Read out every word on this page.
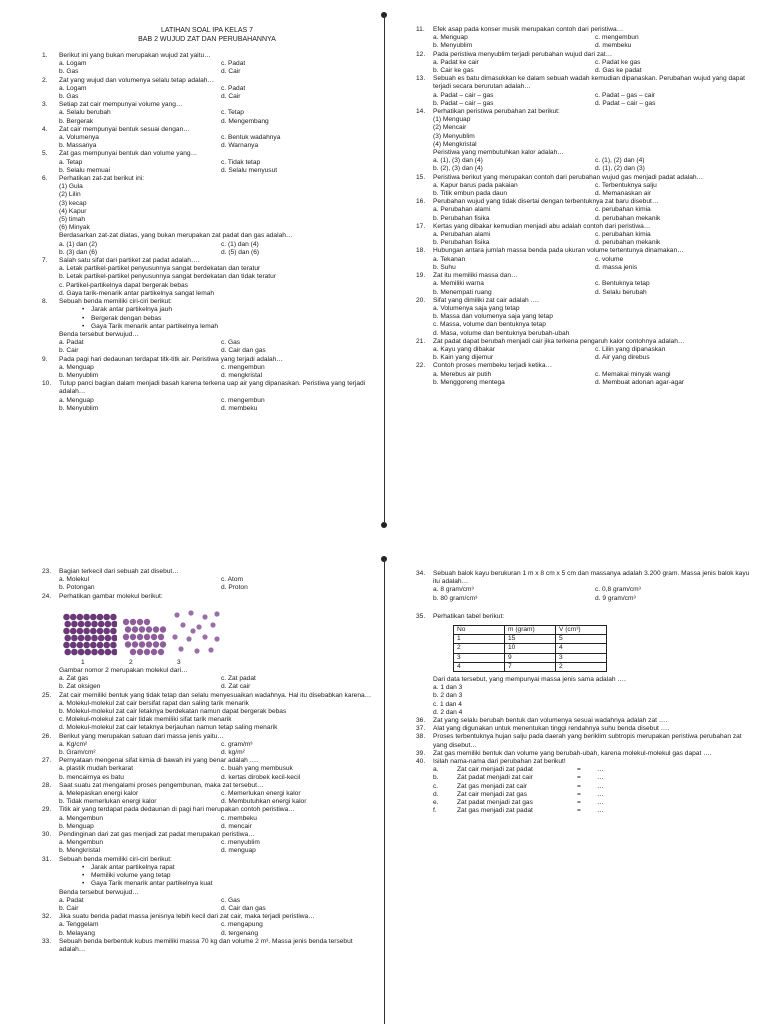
LATIHAN SOAL IPA KELAS 7
BAB 2 WUJUD ZAT DAN PERUBAHANNYA
1. Berikut ini yang bukan merupakan wujud zat yaitu…
a. Logam	c. Padat
b. Gas	d. Cair
2. Zat yang wujud dan volumenya selalu tetap adalah…
a. Logam	c. Padat
b. Gas	d. Cair
3. Setiap zat cair mempunyai volume yang…
a. Selalu berubah	c. Tetap
b. Bergerak	d. Mengembang
4. Zat cair mempunyai bentuk sesuai dengan…
a. Volumenya	c. Bentuk wadahnya
b. Massanya	d. Warnanya
5. Zat gas mempunyai bentuk dan volume yang…
a. Tetap	c. Tidak tetap
b. Selalu memuai	d. Selalu menyusut
6. Perhatikan zat-zat berikut ini:
(1) Gula
(2) Lilin
(3) kecap
(4) Kapur
(5) timah
(6) Minyak
Berdasarkan zat-zat diatas, yang bukan merupakan zat padat dan gas adalah…
a. (1) dan (2)	c. (1) dan (4)
b. (3) dan (6)	d. (5) dan (6)
7. Salah satu sifat dari partiket zat padat adalah….
a. Letak partikel-partikel penyusunnya sangat berdekatan dan teratur
b. Letak partikel-partikel penyusunnya sangat berdekatan dan tidak teratur
c. Partikel-partikelnya dapat bergerak bebas
d. Gaya tarik-menarik antar partikelnya sangat lemah
8. Sebuah benda memiliki ciri-ciri berikut:
• Jarak antar partikelnya jauh
• Bergerak dengan bebas
• Gaya Tarik menarik antar partikelnya lemah
Benda tersebut berwujud…
a. Padat	c. Gas
b. Cair	d. Cair dan gas
9. Pada pagi hari dedaunan terdapat titk-titk air. Peristiwa yang terjadi adalah…
a. Menguap	c. mengembun
b. Menyublim	d. mengkristal
10. Tutup panci bagian dalam menjadi basah karena terkena uap air yang dipanaskan. Peristiwa yang terjadi adalah…
a. Menguap	c. mengembun
b. Menyublim	d. membeku
11. Efek asap pada konser musik merupakan contoh dari peristiwa…
a. Menguap	c. mengembun
b. Menyublim	d. membeku
12. Pada peristiwa menyublim terjadi perubahan wujud dari zat…
a. Padat ke cair	c. Padat ke gas
b. Cair ke gas	d. Gas ke padat
13. Sebuah es batu dimasukkan ke dalam sebuah wadah kemudian dipanaskan. Perubahan wujud yang dapat terjadi secara berurutan adalah…
a. Padat – cair – gas	c. Padat – gas – cair
b. Padat – cair – gas	d. Padat – cair – gas
14. Perhatikan peristiwa perubahan zat berikut:
(1) Menguap
(2) Mencair
(3) Menyublim
(4) Mengkristal
Peristiwa yang membutuhkan kalor adalah…
a. (1), (3) dan (4)	c. (1), (2) dan (4)
b. (2), (3) dan (4)	d. (1), (2) dan (3)
15. Peristiwa berikut yang merupakan contoh dari perubahan wujud gas menjadi padat adalah…
a. Kapur barus pada pakaian	c. Terbentuknya salju
b. Titik embun pada daun	d. Memanaskan air
16. Perubahan wujud yang tidak disertai dengan terbentuknya zat baru disebut…
a. Perubahan alami	c. perubahan kimia
b. Perubahan fisika	d. perubahan mekanik
17. Kertas yang dibakar kemudian menjadi abu adalah contoh dari peristiwa…
a. Perubahan alami	c. perubahan kimia
b. Perubahan fisika	d. perubahan mekanik
18. Hubungan antara jumlah massa benda pada ukuran volume tertentunya dinamakan…
a. Tekanan	c. volume
b. Suhu	d. massa jenis
19. Zat itu memiliki massa dan…
a. Memiliki warna	c. Bentuknya tetap
b. Menempati ruang	d. Selalu berubah
20. Sifat yang dimiliki zat cair adalah ….
a. Volumenya saja yang tetap
b. Massa dan volumenya saja yang tetap
c. Massa, volume dan bentuknya tetap
d. Masa, volume dan bentuknya berubah-ubah
21. Zat padat dapat berubah menjadi cair jika terkena pengaruh kalor contohnya adalah…
a. Kayu yang dibakar	c. Lilin yang dipanaskan
b. Kain yang dijemur	d. Air yang direbus
22. Contoh proses membeku terjadi ketika…
a. Merebus air putih	c. Memakai minyak wangi
b. Menggoreng mentega	d. Membuat adonan agar-agar
23. Bagian terkecil dari sebuah zat disebut…
a. Molekul	c. Atom
b. Potongan	d. Proton
24. Perhatikan gambar molekul berikut:
1	2	3
Gambar nomor 2 merupakan molekul dari…
a. Zat gas	c. Zat padat
b. Zat oksigen	d. Zat cair
25. Zat cair memiliki bentuk yang tidak tetap dan selalu menyesuaikan wadahnya. Hal itu disebabkan karena…
a. Molekul-molekul zat cair bersifat rapat dan saling tarik menarik
b. Molekul-molekul zat cair letaknya berdekatan namun dapat bergerak bebas
c. Molekul-molekul zat cair tidak memiliki sifat tarik menarik
d. Molekul-molekul zat cair letaknya berjauhan namun tetap saling menarik
26. Berikut yang merupakan satuan dari massa jenis yaitu…
a. Kg/cm²	c. gram/m³
b. Gram/cm²	d. kg/m²
27. Pernyataan mengenai sifat kimia di bawah ini yang benar adalah ….
a. plastik mudah berkarat	c. buah yang membusuk
b. mencairnya es batu	d. kertas dirobek kecil-kecil
28. Saat suatu zat mengalami proses pengembunan, maka zat tersebut…
a. Melepaskan energi kalor	c. Memerlukan energi kalor
b. Tidak memerlukan energi kalor	d. Membutuhkan energi kalor
29. Titik air yang terdapat pada dedaunan di pagi hari merupakan contoh peristiwa…
a. Mengembun	c. membeku
b. Menguap	d. mencair
30. Pendinginan dari zat gas menjadi zat padat merupakan peristiwa…
a. Mengembun	c. menyublim
b. Mengkristal	d. menguap
31. Sebuah benda memiliki ciri-ciri berikut:
• Jarak antar partikelnya rapat
• Memiliki volume yang tetap
• Gaya Tarik menarik antar partikelnya kuat
Benda tersebut berwujud…
a. Padat	c. Gas
b. Cair	d. Cair dan gas
32. Jika suatu benda padat massa jenisnya lebih kecil dari zat cair, maka terjadi peristiwa…
a. Tenggelam	c. mengapung
b. Melayang	d. tergenang
33. Sebuah benda berbentuk kubus memiliki massa 70 kg dan volume 2 m³. Massa jenis benda tersebut adalah…
34. Sebuah balok kayu berukuran 1 m x 8 cm x 5 cm dan massanya adalah 3.200 gram. Massa jenis balok kayu itu adalah…
a. 8 gram/cm³	c. 0,8 gram/cm³
b. 80 gram/cm³	d. 9 gram/cm³
35. Perhatikan tabel berikut:
No	m (gram)	V (cm³)
1	15	5
2	10	4
3	9	3
4	7	2
Dari data tersebut, yang mempunyai massa jenis sama adalah ….
a. 1 dan 3
b. 2 dan 3
c. 1 dan 4
d. 2 dan 4
36. Zat yang selalu berubah bentuk dan volumenya sesuai wadahnya adalah zat ….
37. Alat yang digunakan untuk menentukan tinggi rendahnya suhu benda disebut ….
38. Proses terbentuknya hujan salju pada daerah yang beriklim subtropis merupakan peristiwa perubahan zat yang disebut…
39. Zat gas memiliki bentuk dan volume yang berubah-ubah, karena molekul-molekul gas dapat ….
40. Isilah nama-nama dari perubahan zat berikut!
a.	Zat cair menjadi zat padat	=	…
b.	Zat padat menjadi zat cair	=	…
c.	Zat gas menjadi zat cair	=	…
d.	Zat cair menjadi zat gas	=	…
e.	Zat padat menjadi zat gas	=	…
f.	Zat gas menjadi zat padat	=	…
